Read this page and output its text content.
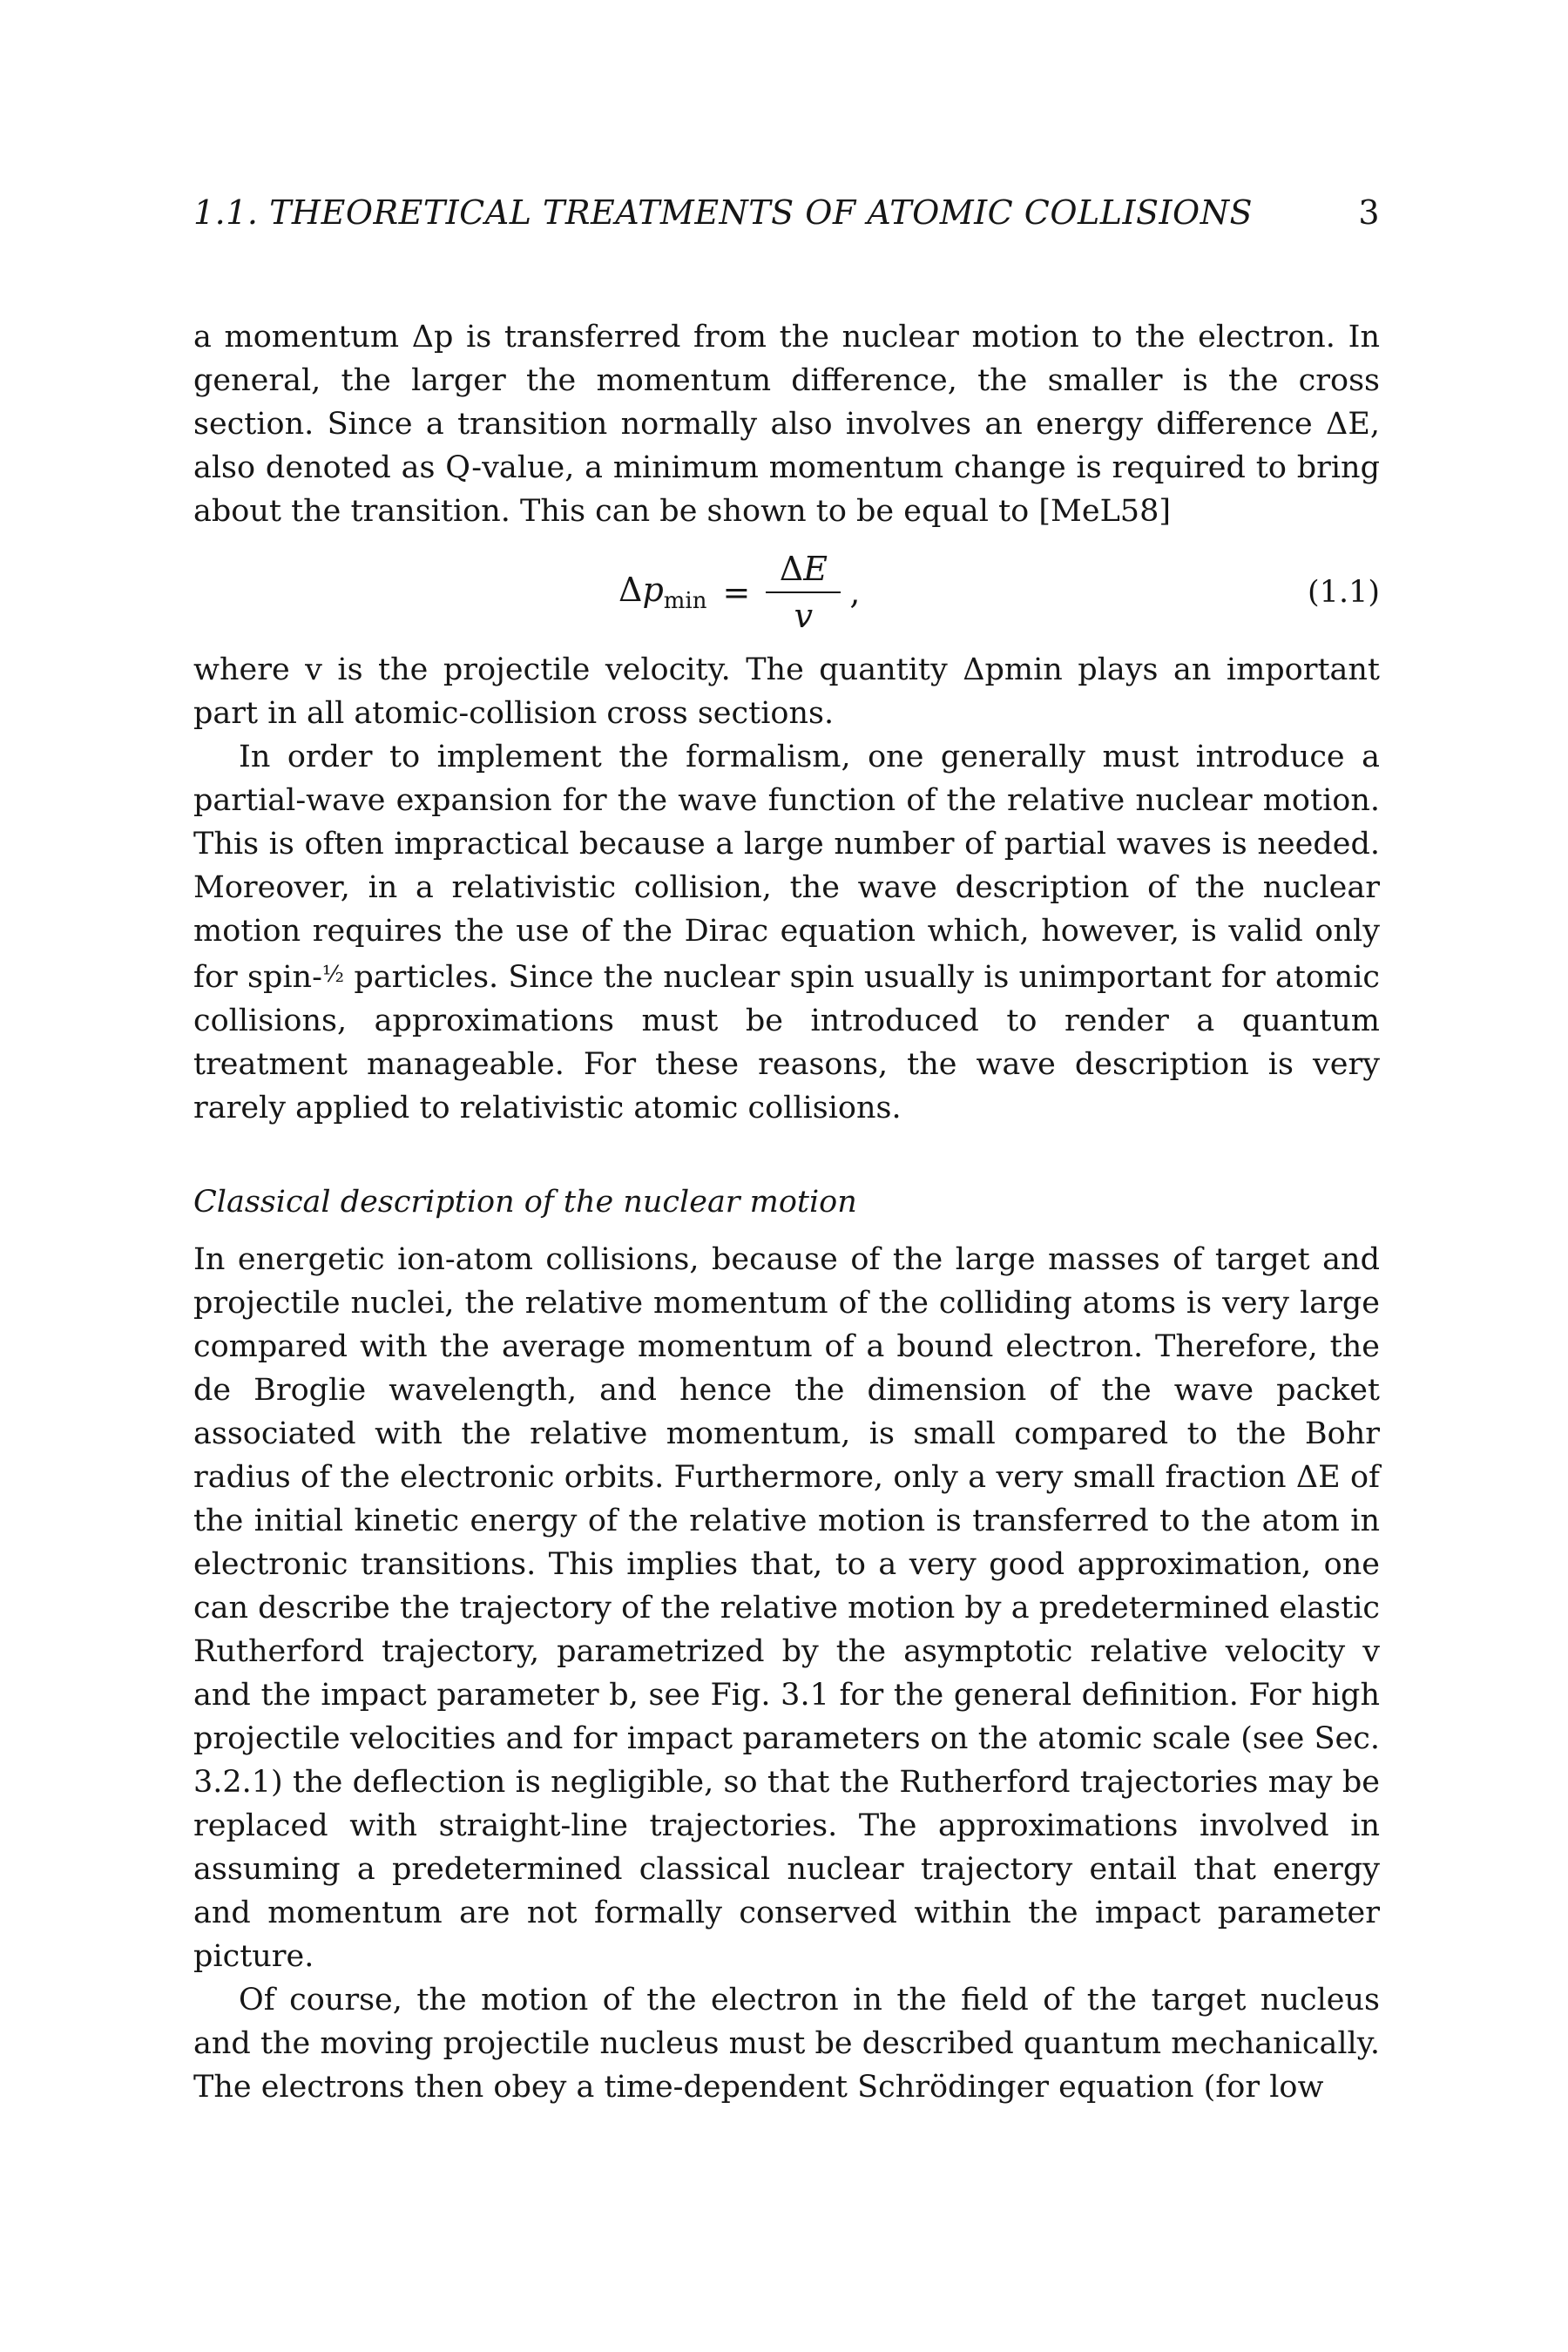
1.1. THEORETICAL TREATMENTS OF ATOMIC COLLISIONS	3

a momentum Δp is transferred from the nuclear motion to the electron. In general, the larger the momentum difference, the smaller is the cross section. Since a transition normally also involves an energy difference ΔE, also denoted as Q-value, a minimum momentum change is required to bring about the transition. This can be shown to be equal to [MeL58]

$\Delta p_{min} = \frac{\Delta E}{v}$ ,	(1.1)

where v is the projectile velocity. The quantity Δpmin plays an important part in all atomic-collision cross sections.

In order to implement the formalism, one generally must introduce a partial-wave expansion for the wave function of the relative nuclear motion. This is often impractical because a large number of partial waves is needed. Moreover, in a relativistic collision, the wave description of the nuclear motion requires the use of the Dirac equation which, however, is valid only for spin-½ particles. Since the nuclear spin usually is unimportant for atomic collisions, approximations must be introduced to render a quantum treatment manageable. For these reasons, the wave description is very rarely applied to relativistic atomic collisions.

Classical description of the nuclear motion

In energetic ion-atom collisions, because of the large masses of target and projectile nuclei, the relative momentum of the colliding atoms is very large compared with the average momentum of a bound electron. Therefore, the de Broglie wavelength, and hence the dimension of the wave packet associated with the relative momentum, is small compared to the Bohr radius of the electronic orbits. Furthermore, only a very small fraction ΔE of the initial kinetic energy of the relative motion is transferred to the atom in electronic transitions. This implies that, to a very good approximation, one can describe the trajectory of the relative motion by a predetermined elastic Rutherford trajectory, parametrized by the asymptotic relative velocity v and the impact parameter b, see Fig. 3.1 for the general definition. For high projectile velocities and for impact parameters on the atomic scale (see Sec. 3.2.1) the deflection is negligible, so that the Rutherford trajectories may be replaced with straight-line trajectories. The approximations involved in assuming a predetermined classical nuclear trajectory entail that energy and momentum are not formally conserved within the impact parameter picture.

Of course, the motion of the electron in the field of the target nucleus and the moving projectile nucleus must be described quantum mechanically. The electrons then obey a time-dependent Schrödinger equation (for low
